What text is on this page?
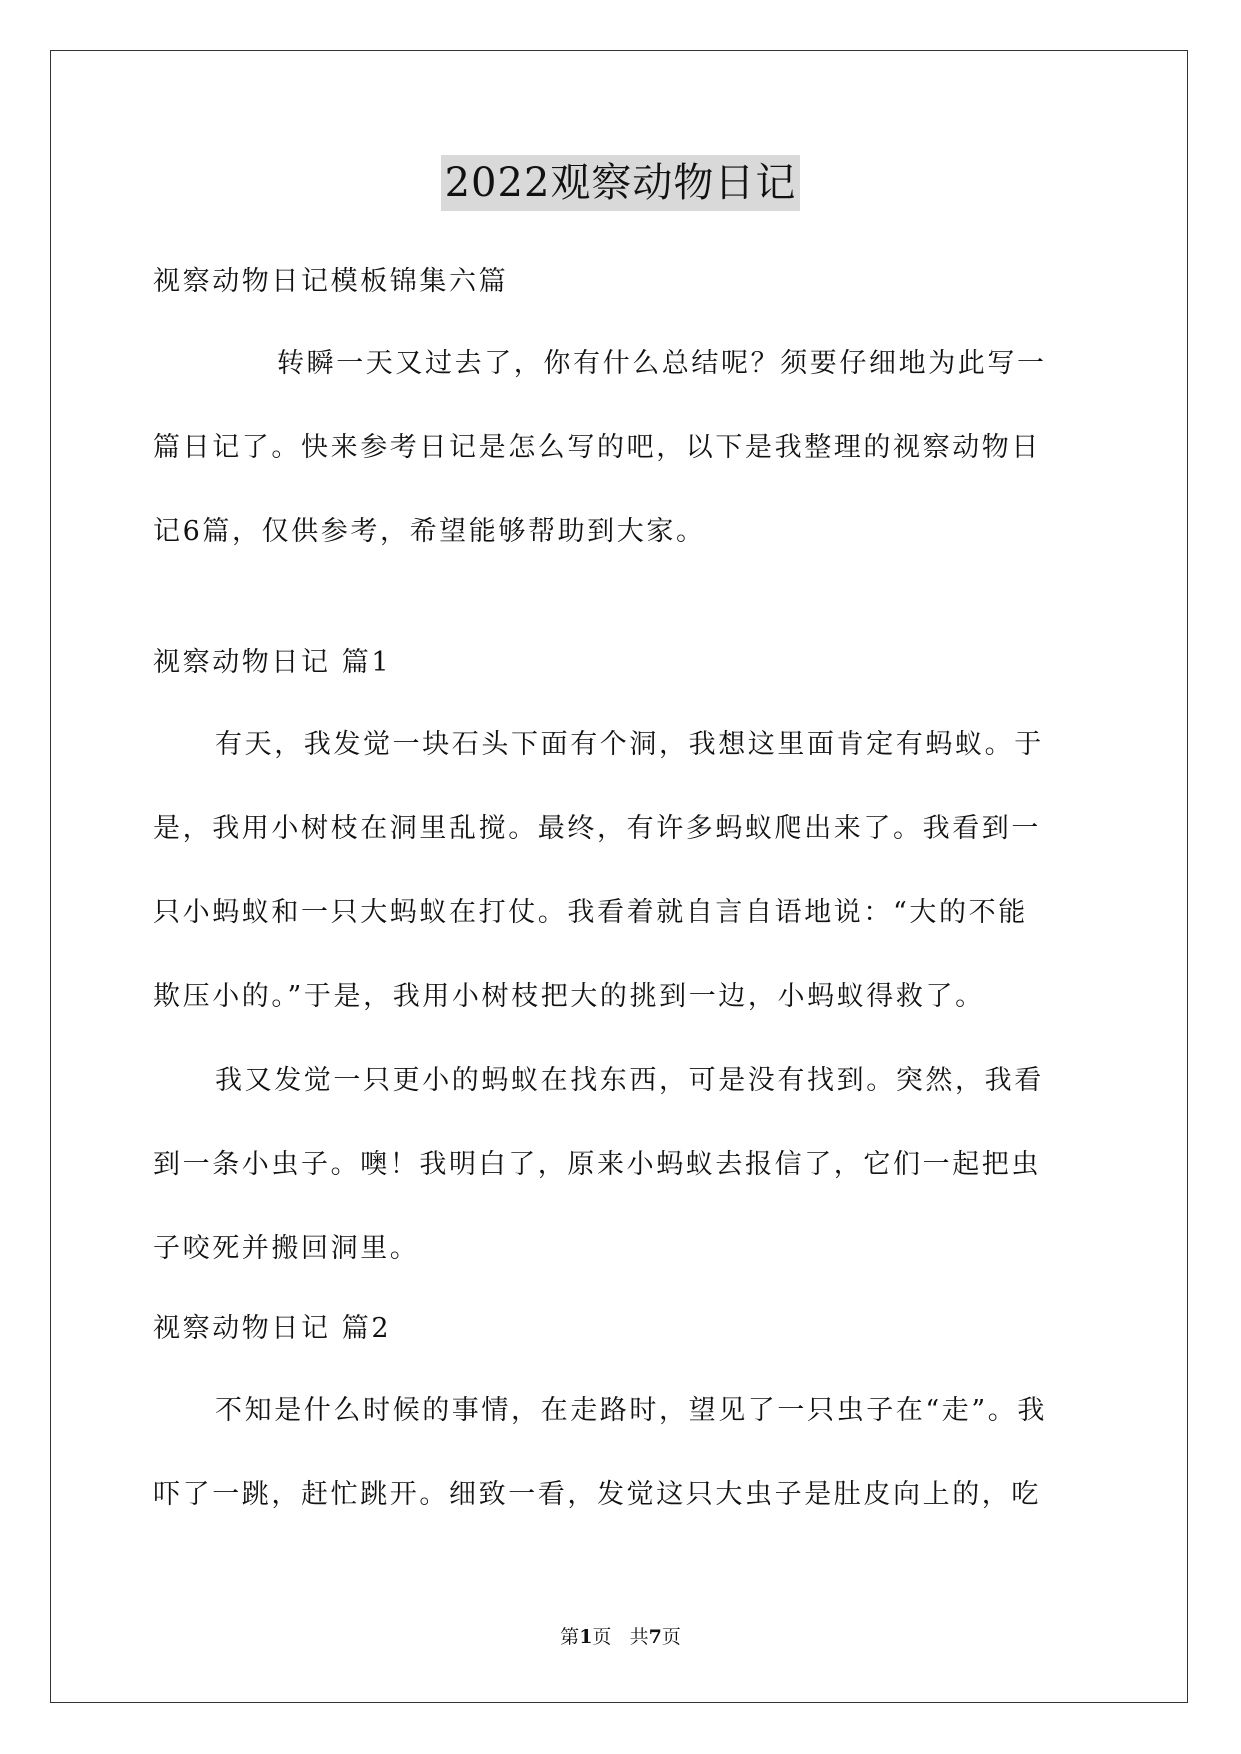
2022观察动物日记
视察动物日记模板锦集六篇
转瞬一天又过去了，你有什么总结呢？须要仔细地为此写一
篇日记了。快来参考日记是怎么写的吧，以下是我整理的视察动物日
记6篇，仅供参考，希望能够帮助到大家。
视察动物日记 篇1
有天，我发觉一块石头下面有个洞，我想这里面肯定有蚂蚁。于
是，我用小树枝在洞里乱搅。最终，有许多蚂蚁爬出来了。我看到一
只小蚂蚁和一只大蚂蚁在打仗。我看着就自言自语地说：“大的不能
欺压小的。”于是，我用小树枝把大的挑到一边，小蚂蚁得救了。
我又发觉一只更小的蚂蚁在找东西，可是没有找到。突然，我看
到一条小虫子。噢！我明白了，原来小蚂蚁去报信了，它们一起把虫
子咬死并搬回洞里。
视察动物日记 篇2
不知是什么时候的事情，在走路时，望见了一只虫子在“走”。我
吓了一跳，赶忙跳开。细致一看，发觉这只大虫子是肚皮向上的，吃
第1页 共7页
